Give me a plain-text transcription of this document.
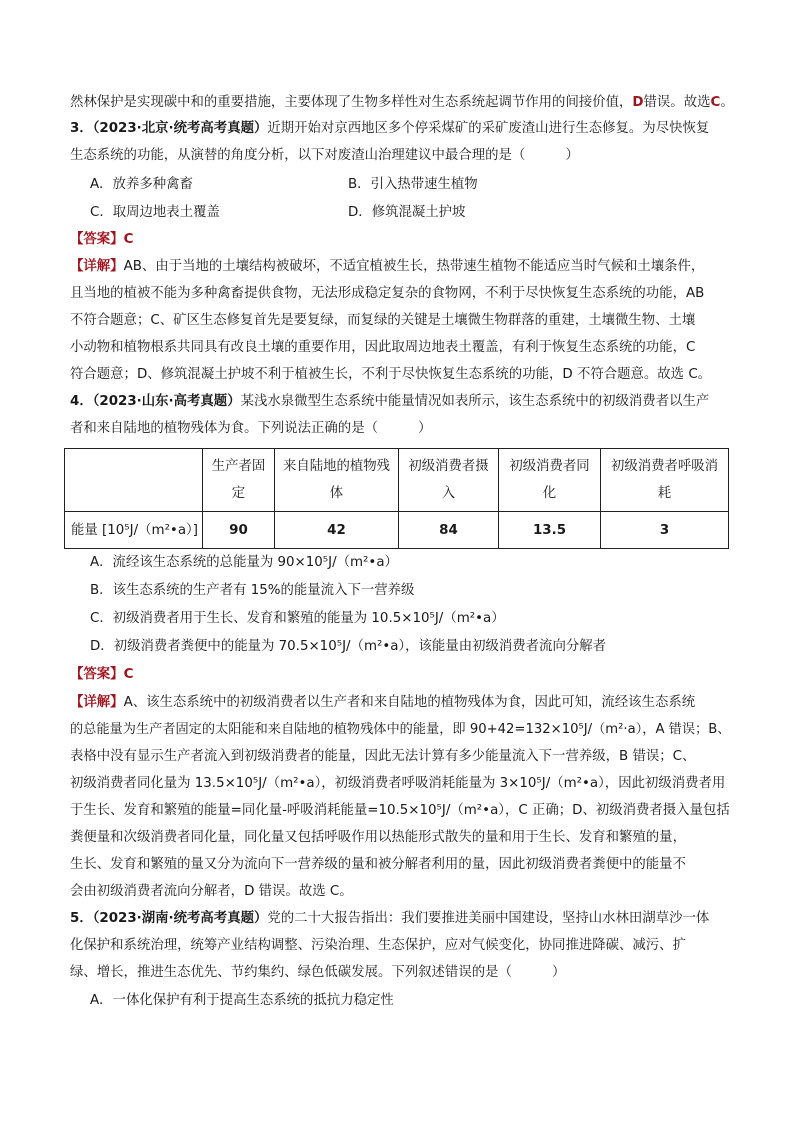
然林保护是实现碳中和的重要措施，主要体现了生物多样性对生态系统起调节作用的间接价值，D错误。故选C。
3．（2023·北京·统考高考真题）近期开始对京西地区多个停采煤矿的采矿废渣山进行生态修复。为尽快恢复
生态系统的功能，从演替的角度分析，以下对废渣山治理建议中最合理的是（　　　）
A．放养多种禽畜	B．引入热带速生植物
C．取周边地表土覆盖	D．修筑混凝土护坡
【答案】C
【详解】AB、由于当地的土壤结构被破坏，不适宜植被生长，热带速生植物不能适应当时气候和土壤条件，
且当地的植被不能为多种禽畜提供食物，无法形成稳定复杂的食物网，不利于尽快恢复生态系统的功能，AB
不符合题意；C、矿区生态修复首先是要复绿，而复绿的关键是土壤微生物群落的重建，土壤微生物、土壤
小动物和植物根系共同具有改良土壤的重要作用，因此取周边地表土覆盖，有利于恢复生态系统的功能，C
符合题意；D、修筑混凝土护坡不利于植被生长，不利于尽快恢复生态系统的功能，D 不符合题意。故选 C。
4．（2023·山东·高考真题）某浅水泉微型生态系统中能量情况如表所示，该生态系统中的初级消费者以生产
者和来自陆地的植物残体为食。下列说法正确的是（　　　）
	生产者固定	来自陆地的植物残体	初级消费者摄入	初级消费者同化	初级消费者呼吸消耗
能量 [10⁵J/（m²•a）]	90	42	84	13.5	3
A．流经该生态系统的总能量为 90×10⁵J/（m²•a）
B．该生态系统的生产者有 15%的能量流入下一营养级
C．初级消费者用于生长、发育和繁殖的能量为 10.5×10⁵J/（m²•a）
D．初级消费者粪便中的能量为 70.5×10⁵J/（m²•a），该能量由初级消费者流向分解者
【答案】C
【详解】A、该生态系统中的初级消费者以生产者和来自陆地的植物残体为食，因此可知，流经该生态系统
的总能量为生产者固定的太阳能和来自陆地的植物残体中的能量，即 90+42=132×10⁵J/（m²·a），A 错误；B、
表格中没有显示生产者流入到初级消费者的能量，因此无法计算有多少能量流入下一营养级，B 错误；C、
初级消费者同化量为 13.5×10⁵J/（m²•a），初级消费者呼吸消耗能量为 3×10⁵J/（m²•a），因此初级消费者用
于生长、发育和繁殖的能量=同化量-呼吸消耗能量=10.5×10⁵J/（m²•a），C 正确；D、初级消费者摄入量包括
粪便量和次级消费者同化量，同化量又包括呼吸作用以热能形式散失的量和用于生长、发育和繁殖的量，
生长、发育和繁殖的量又分为流向下一营养级的量和被分解者利用的量，因此初级消费者粪便中的能量不
会由初级消费者流向分解者，D 错误。故选 C。
5．（2023·湖南·统考高考真题）党的二十大报告指出：我们要推进美丽中国建设，坚持山水林田湖草沙一体
化保护和系统治理，统筹产业结构调整、污染治理、生态保护，应对气候变化，协同推进降碳、减污、扩
绿、增长，推进生态优先、节约集约、绿色低碳发展。下列叙述错误的是（　　　）
A．一体化保护有利于提高生态系统的抵抗力稳定性
